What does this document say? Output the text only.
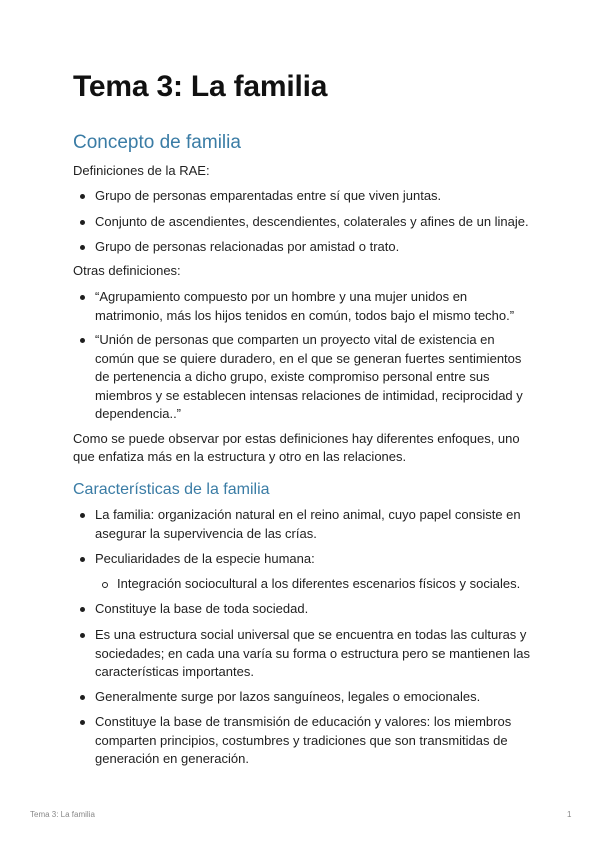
Tema 3: La familia
Concepto de familia

Definiciones de la RAE:

Grupo de personas emparentadas entre sí que viven juntas.
Conjunto de ascendientes, descendientes, colaterales y afines de un linaje.
Grupo de personas relacionadas por amistad o trato.

Otras definiciones:

“Agrupamiento compuesto por un hombre y una mujer unidos en matrimonio, más los hijos tenidos en común, todos bajo el mismo techo.”
“Unión de personas que comparten un proyecto vital de existencia en común que se quiere duradero, en el que se generan fuertes sentimientos de pertenencia a dicho grupo, existe compromiso personal entre sus miembros y se establecen intensas relaciones de intimidad, reciprocidad y dependencia..”

Como se puede observar por estas definiciones hay diferentes enfoques, uno que enfatiza más en la estructura y otro en las relaciones.

Características de la familia
La familia: organización natural en el reino animal, cuyo papel consiste en asegurar la supervivencia de las crías.
Peculiaridades de la especie humana:
Integración sociocultural a los diferentes escenarios físicos y sociales.
Constituye la base de toda sociedad.
Es una estructura social universal que se encuentra en todas las culturas y sociedades; en cada una varía su forma o estructura pero se mantienen las características importantes.
Generalmente surge por lazos sanguíneos, legales o emocionales.
Constituye la base de transmisión de educación y valores: los miembros comparten principios, costumbres y tradiciones que son transmitidas de generación en generación.
Tema 3: La familia	1
